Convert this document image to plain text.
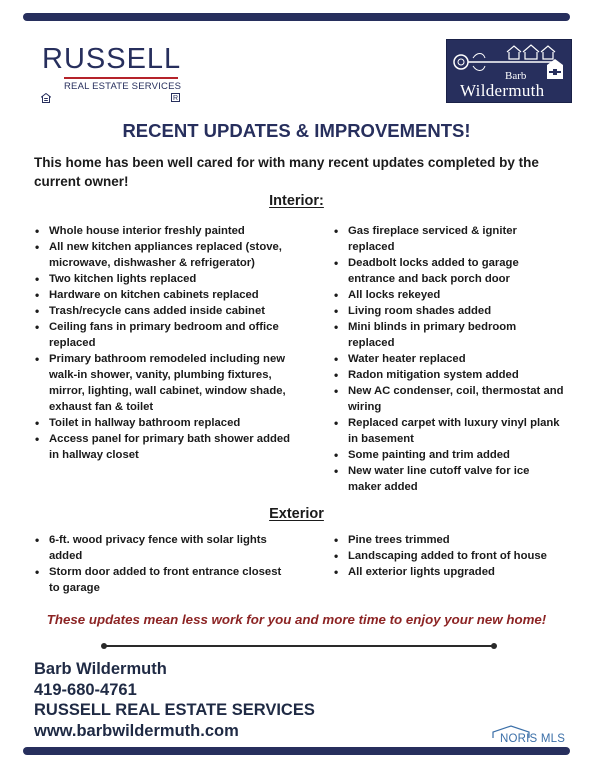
RUSSELL
REAL ESTATE SERVICES
R
Barb
Wildermuth
RECENT UPDATES & IMPROVEMENTS!
This home has been well cared for with many recent updates completed by the current owner!
Interior:
• Whole house interior freshly painted
• All new kitchen appliances replaced (stove, microwave, dishwasher & refrigerator)
• Two kitchen lights replaced
• Hardware on kitchen cabinets replaced
• Trash/recycle cans added inside cabinet
• Ceiling fans in primary bedroom and office replaced
• Primary bathroom remodeled including new walk-in shower, vanity, plumbing fixtures, mirror, lighting, wall cabinet, window shade, exhaust fan & toilet
• Toilet in hallway bathroom replaced
• Access panel for primary bath shower added in hallway closet
• Gas fireplace serviced & igniter replaced
• Deadbolt locks added to garage entrance and back porch door
• All locks rekeyed
• Living room shades added
• Mini blinds in primary bedroom replaced
• Water heater replaced
• Radon mitigation system added
• New AC condenser, coil, thermostat and wiring
• Replaced carpet with luxury vinyl plank in basement
• Some painting and trim added
• New water line cutoff valve for ice maker added
Exterior
• 6-ft. wood privacy fence with solar lights added
• Storm door added to front entrance closest to garage
• Pine trees trimmed
• Landscaping added to front of house
• All exterior lights upgraded
These updates mean less work for you and more time to enjoy your new home!
Barb Wildermuth
419-680-4761
RUSSELL REAL ESTATE SERVICES
www.barbwildermuth.com	NORIS MLS
